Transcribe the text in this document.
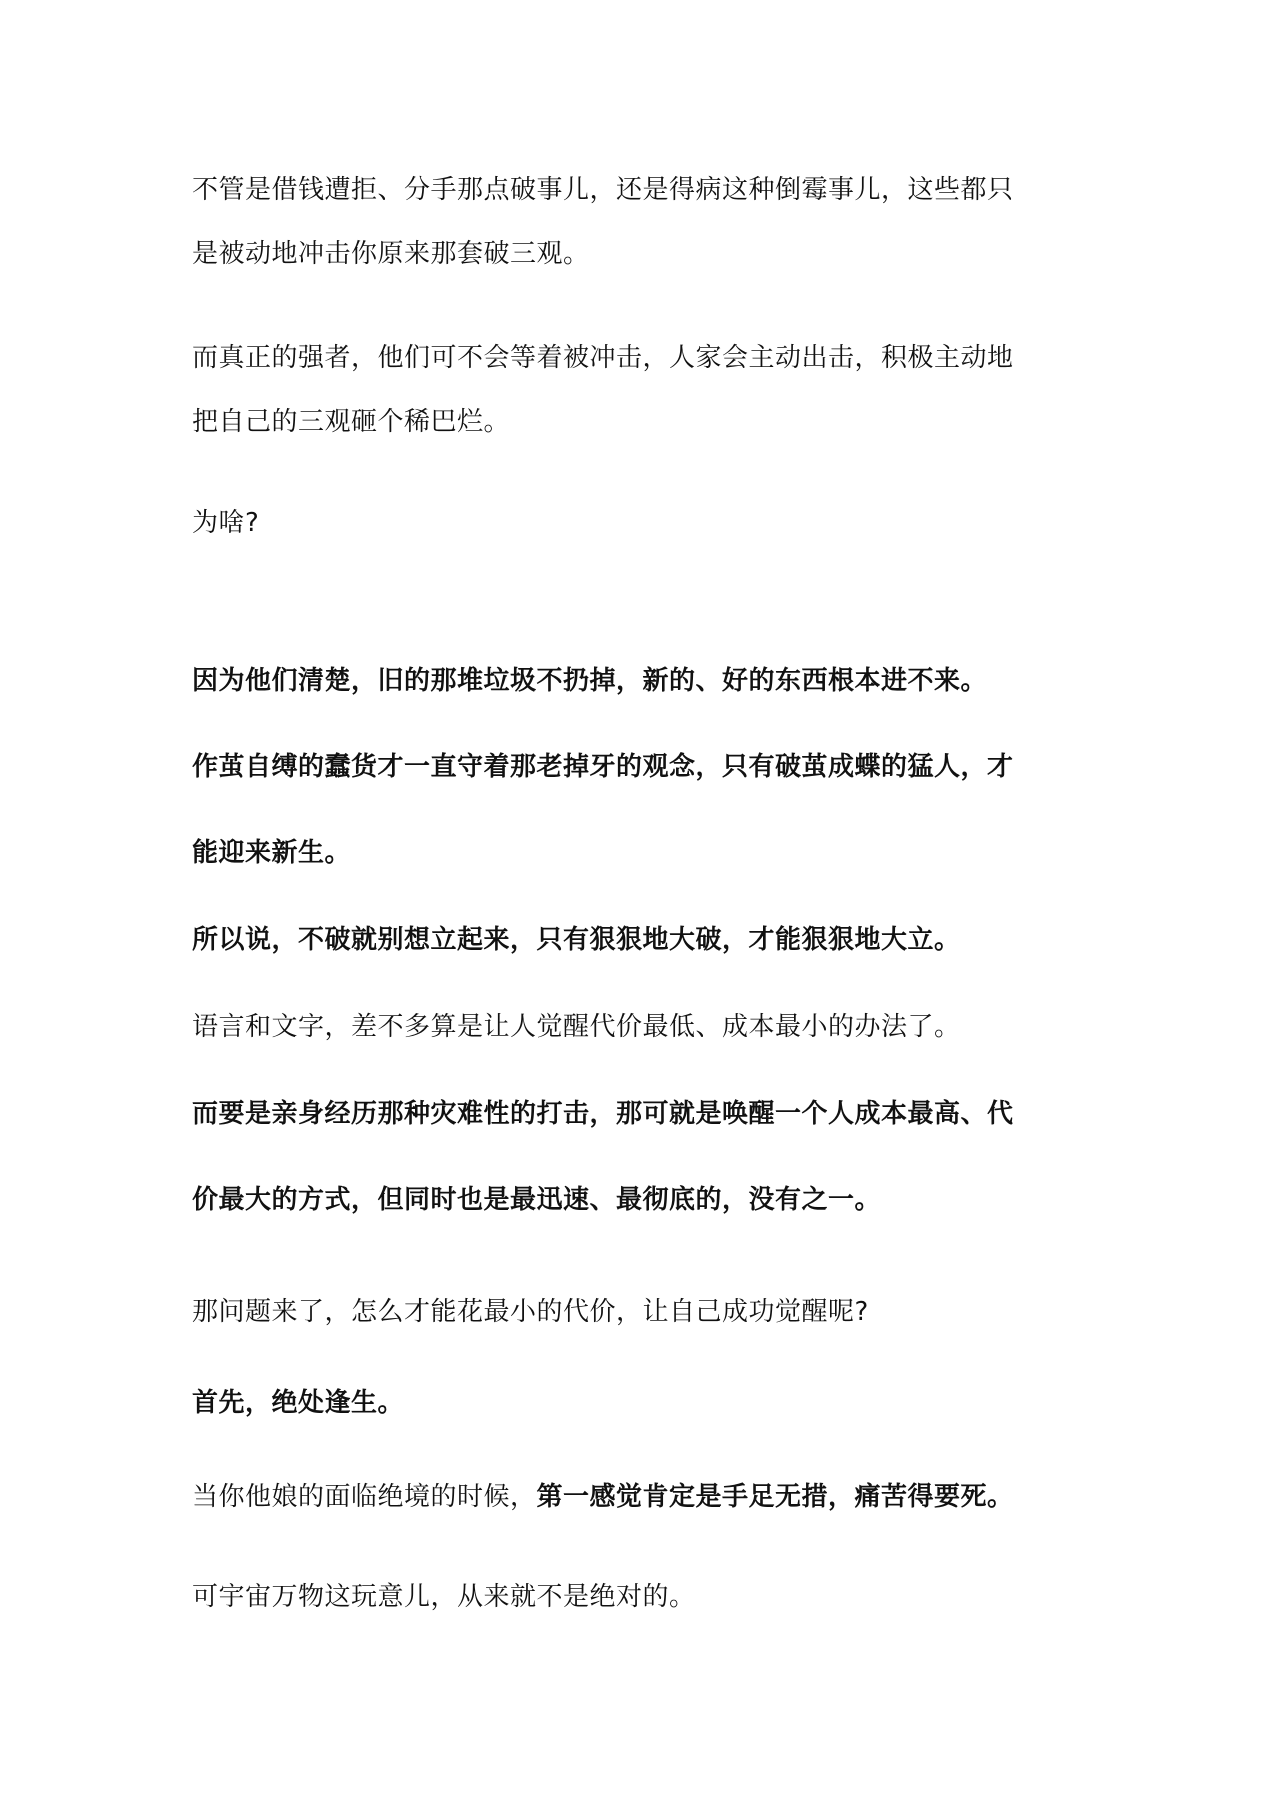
不管是借钱遭拒、分手那点破事儿，还是得病这种倒霉事儿，这些都只
是被动地冲击你原来那套破三观。
而真正的强者，他们可不会等着被冲击，人家会主动出击，积极主动地
把自己的三观砸个稀巴烂。
为啥?
因为他们清楚，旧的那堆垃圾不扔掉，新的、好的东西根本进不来。
作茧自缚的蠢货才一直守着那老掉牙的观念，只有破茧成蝶的猛人，才
能迎来新生。
所以说，不破就别想立起来，只有狠狠地大破，才能狠狠地大立。
语言和文字，差不多算是让人觉醒代价最低、成本最小的办法了。
而要是亲身经历那种灾难性的打击，那可就是唤醒一个人成本最高、代
价最大的方式，但同时也是最迅速、最彻底的，没有之一。
那问题来了，怎么才能花最小的代价，让自己成功觉醒呢?
首先，绝处逢生。
当你他娘的面临绝境的时候，第一感觉肯定是手足无措，痛苦得要死。
可宇宙万物这玩意儿，从来就不是绝对的。
